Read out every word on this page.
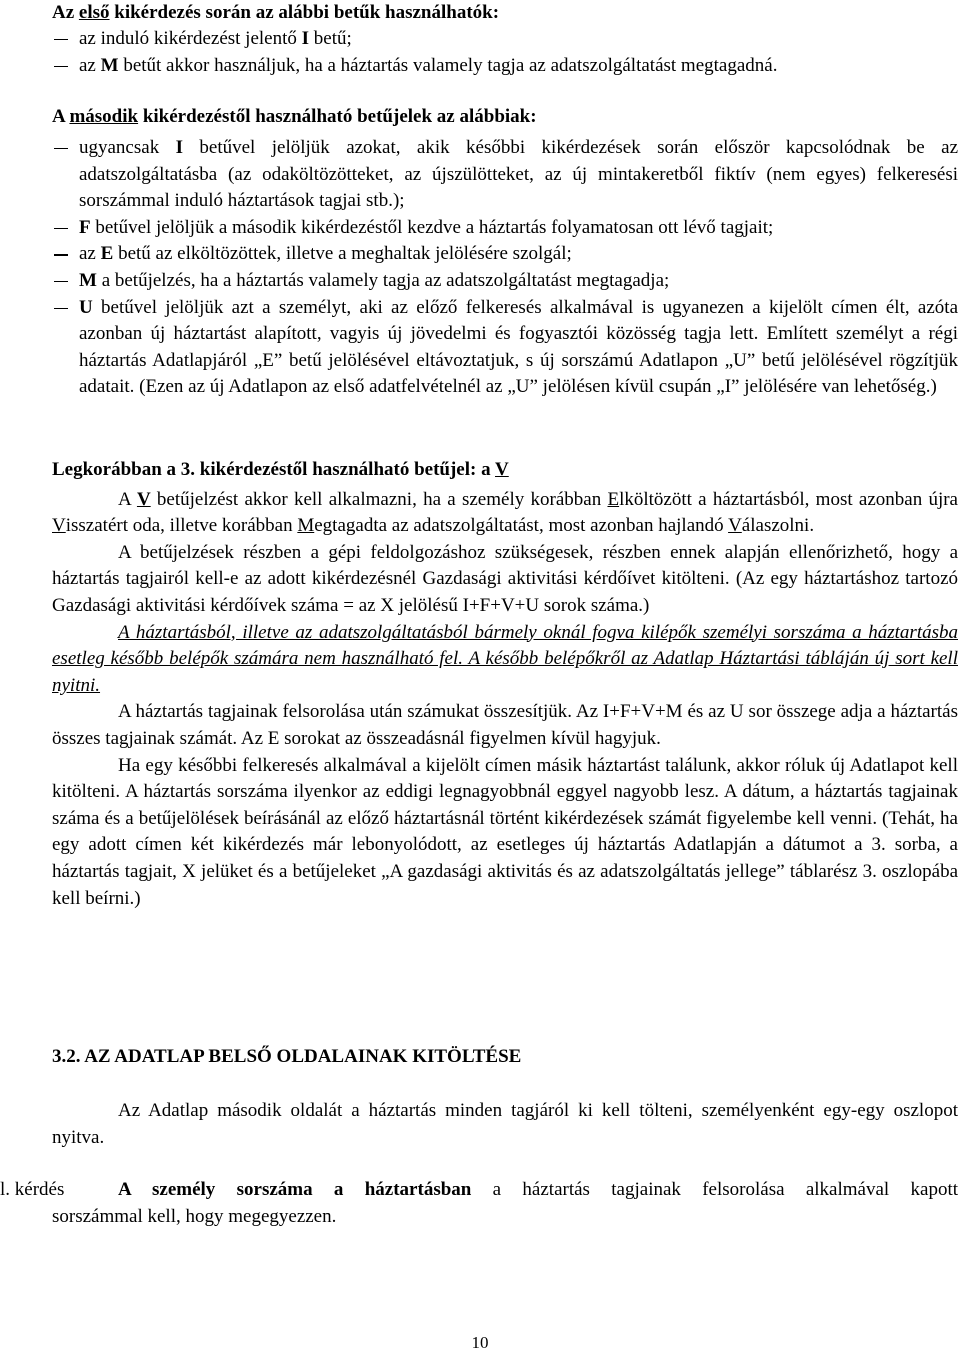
Az első kikérdezés során az alábbi betűk használhatók:

az induló kikérdezést jelentő I betű;
az M betűt akkor használjuk, ha a háztartás valamely tagja az adatszolgáltatást megtagadná.

A második kikérdezéstől használható betűjelek az alábbiak:

ugyancsak I betűvel jelöljük azokat, akik későbbi kikérdezések során először kapcsolódnak be az adatszolgáltatásba (az odaköltözötteket, az újszülötteket, az új mintakeretből fiktív (nem egyes) felkeresési sorszámmal induló háztartások tagjai stb.);
F betűvel jelöljük a második kikérdezéstől kezdve a háztartás folyamatosan ott lévő tagjait;
az E betű az elköltözöttek, illetve a meghaltak jelölésére szolgál;
M a betűjelzés, ha a háztartás valamely tagja az adatszolgáltatást megtagadja;
U betűvel jelöljük azt a személyt, aki az előző felkeresés alkalmával is ugyanezen a kijelölt címen élt, azóta azonban új háztartást alapított, vagyis új jövedelmi és fogyasztói közösség tagja lett. Említett személyt a régi háztartás Adatlapjáról „E” betű jelölésével eltávoztatjuk, s új sorszámú Adatlapon „U” betű jelölésével rögzítjük adatait. (Ezen az új Adatlapon az első adatfelvételnél az „U” jelölésen kívül csupán „I” jelölésére van lehetőség.)

Legkorábban a 3. kikérdezéstől használható betűjel: a V

A V betűjelzést akkor kell alkalmazni, ha a személy korábban Elköltözött a háztartásból, most azonban újra Visszatért oda, illetve korábban Megtagadta az adatszolgáltatást, most azonban hajlandó Válaszolni.

A betűjelzések részben a gépi feldolgozáshoz szükségesek, részben ennek alapján ellenőrizhető, hogy a háztartás tagjairól kell-e az adott kikérdezésnél Gazdasági aktivitási kérdőívet kitölteni. (Az egy háztartáshoz tartozó Gazdasági aktivitási kérdőívek száma = az X jelölésű I+F+V+U sorok száma.)

A háztartásból, illetve az adatszolgáltatásból bármely oknál fogva kilépők személyi sorszáma a háztartásba esetleg később belépők számára nem használható fel. A később belépőkről az Adatlap Háztartási tábláján új sort kell nyitni.

A háztartás tagjainak felsorolása után számukat összesítjük. Az I+F+V+M és az U sor összege adja a háztartás összes tagjainak számát. Az E sorokat az összeadásnál figyelmen kívül hagyjuk.

Ha egy későbbi felkeresés alkalmával a kijelölt címen másik háztartást találunk, akkor róluk új Adatlapot kell kitölteni. A háztartás sorszáma ilyenkor az eddigi legnagyobbnál eggyel nagyobb lesz. A dátum, a háztartás tagjainak száma és a betűjelölések beírásánál az előző háztartásnál történt kikérdezések számát figyelembe kell venni. (Tehát, ha egy adott címen két kikérdezés már lebonyolódott, az esetleges új háztartás Adatlapján a dátumot a 3. sorba, a háztartás tagjait, X jelüket és a betűjeleket „A gazdasági aktivitás és az adatszolgáltatás jellege” táblarész 3. oszlopába kell beírni.)

3.2. AZ ADATLAP BELSŐ OLDALAINAK KITÖLTÉSE

Az Adatlap második oldalát a háztartás minden tagjáról ki kell tölteni, személyenként egy-egy oszlopot nyitva.

l. kérdés	A személy sorszáma a háztartásban a háztartás tagjainak felsorolása alkalmával kapott
sorszámmal kell, hogy megegyezzen.
10
